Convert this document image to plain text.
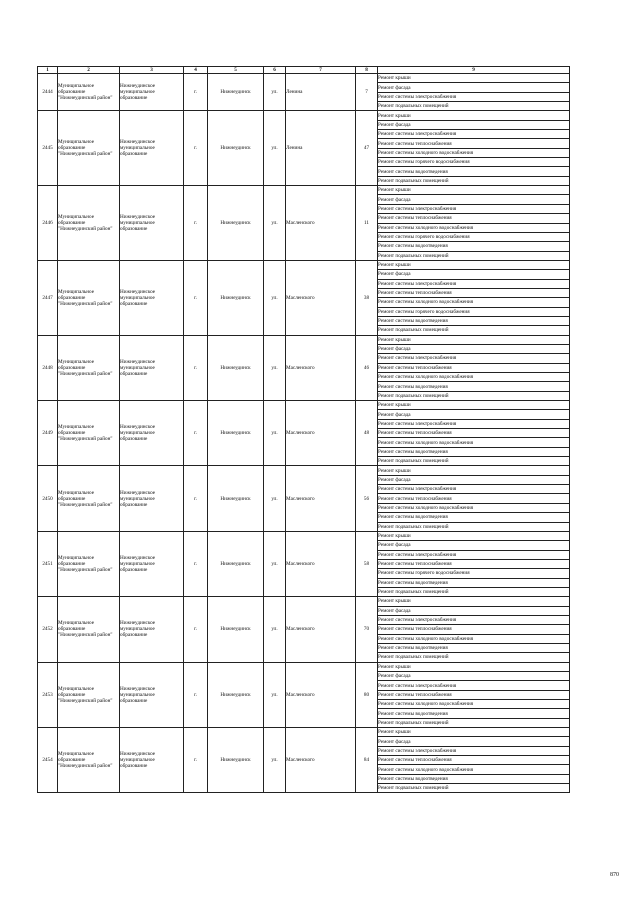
1	2	3	4	5	6	7	8	9
2444	Муниципальное образование "Нижнеудинский район"	Нижнеудинское муниципальное образование	г.	Нижнеудинск	ул.	Ленина	7	Ремонт крыши
								Ремонт фасада
								Ремонт системы электроснабжения
								Ремонт подвальных помещений
2445	Муниципальное образование "Нижнеудинский район"	Нижнеудинское муниципальное образование	г.	Нижнеудинск	ул.	Ленина	47	Ремонт крыши
								Ремонт фасада
								Ремонт системы электроснабжения
								Ремонт системы теплоснабжения
								Ремонт системы холодного водоснабжения
								Ремонт системы горячего водоснабжения
								Ремонт системы водоотведения
								Ремонт подвальных помещений
2446	Муниципальное образование "Нижнеудинский район"	Нижнеудинское муниципальное образование	г.	Нижнеудинск	ул.	Масленского	11	Ремонт крыши
								Ремонт фасада
								Ремонт системы электроснабжения
								Ремонт системы теплоснабжения
								Ремонт системы холодного водоснабжения
								Ремонт системы горячего водоснабжения
								Ремонт системы водоотведения
								Ремонт подвальных помещений
2447	Муниципальное образование "Нижнеудинский район"	Нижнеудинское муниципальное образование	г.	Нижнеудинск	ул.	Масленского	38	Ремонт крыши
								Ремонт фасада
								Ремонт системы электроснабжения
								Ремонт системы теплоснабжения
								Ремонт системы холодного водоснабжения
								Ремонт системы горячего водоснабжения
								Ремонт системы водоотведения
								Ремонт подвальных помещений
2448	Муниципальное образование "Нижнеудинский район"	Нижнеудинское муниципальное образование	г.	Нижнеудинск	ул.	Масленского	46	Ремонт крыши
								Ремонт фасада
								Ремонт системы электроснабжения
								Ремонт системы теплоснабжения
								Ремонт системы холодного водоснабжения
								Ремонт системы водоотведения
								Ремонт подвальных помещений
2449	Муниципальное образование "Нижнеудинский район"	Нижнеудинское муниципальное образование	г.	Нижнеудинск	ул.	Масленского	48	Ремонт крыши
								Ремонт фасада
								Ремонт системы электроснабжения
								Ремонт системы теплоснабжения
								Ремонт системы холодного водоснабжения
								Ремонт системы водоотведения
								Ремонт подвальных помещений
2450	Муниципальное образование "Нижнеудинский район"	Нижнеудинское муниципальное образование	г.	Нижнеудинск	ул.	Масленского	56	Ремонт крыши
								Ремонт фасада
								Ремонт системы электроснабжения
								Ремонт системы теплоснабжения
								Ремонт системы холодного водоснабжения
								Ремонт системы водоотведения
								Ремонт подвальных помещений
2451	Муниципальное образование "Нижнеудинский район"	Нижнеудинское муниципальное образование	г.	Нижнеудинск	ул.	Масленского	58	Ремонт крыши
								Ремонт фасада
								Ремонт системы электроснабжения
								Ремонт системы теплоснабжения
								Ремонт системы горячего водоснабжения
								Ремонт системы водоотведения
								Ремонт подвальных помещений
2452	Муниципальное образование "Нижнеудинский район"	Нижнеудинское муниципальное образование	г.	Нижнеудинск	ул.	Масленского	70	Ремонт крыши
								Ремонт фасада
								Ремонт системы электроснабжения
								Ремонт системы теплоснабжения
								Ремонт системы холодного водоснабжения
								Ремонт системы водоотведения
								Ремонт подвальных помещений
2453	Муниципальное образование "Нижнеудинский район"	Нижнеудинское муниципальное образование	г.	Нижнеудинск	ул.	Масленского	80	Ремонт крыши
								Ремонт фасада
								Ремонт системы электроснабжения
								Ремонт системы теплоснабжения
								Ремонт системы холодного водоснабжения
								Ремонт системы водоотведения
								Ремонт подвальных помещений
2454	Муниципальное образование "Нижнеудинский район"	Нижнеудинское муниципальное образование	г.	Нижнеудинск	ул.	Масленского	84	Ремонт крыши
								Ремонт фасада
								Ремонт системы электроснабжения
								Ремонт системы теплоснабжения
								Ремонт системы холодного водоснабжения
								Ремонт системы водоотведения
								Ремонт подвальных помещений
870
